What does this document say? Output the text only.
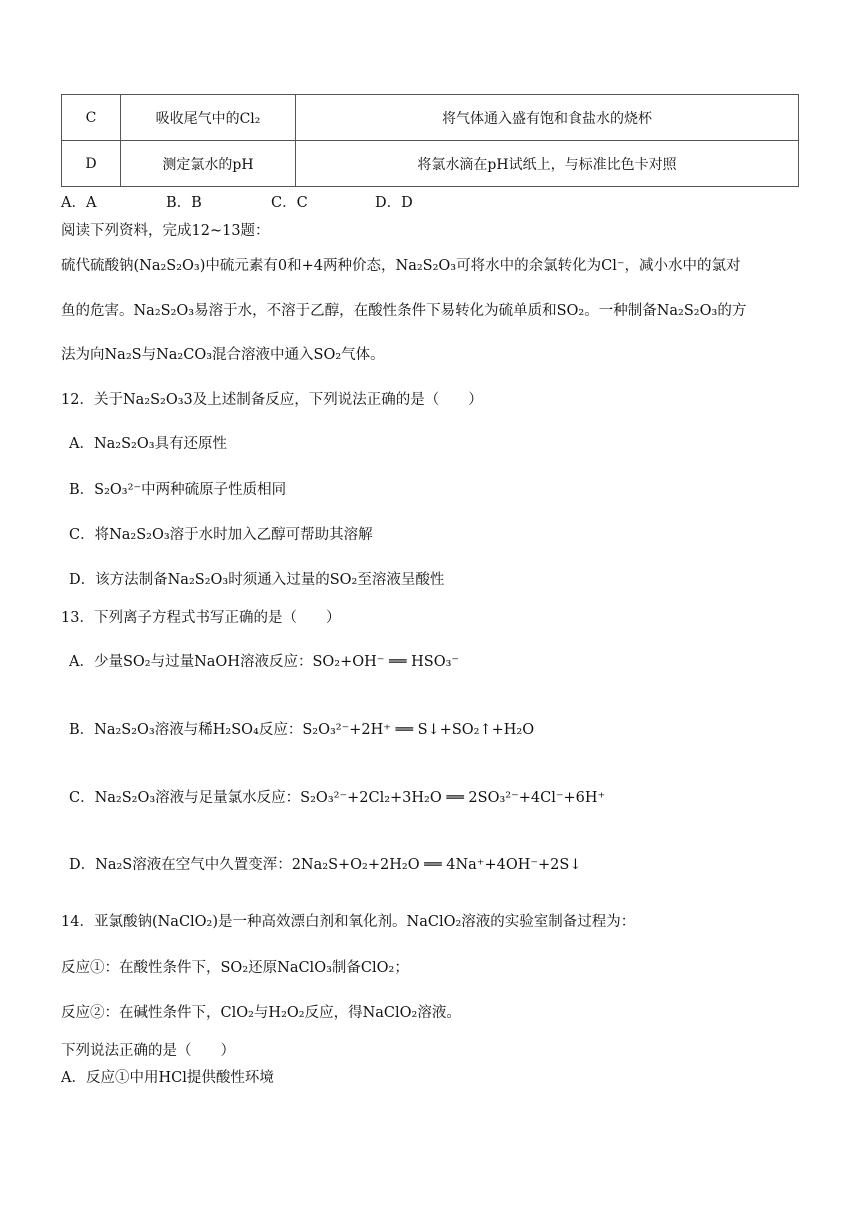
C	吸收尾气中的Cl₂	将气体通入盛有饱和食盐水的烧杯
D	测定氯水的pH	将氯水滴在pH试纸上，与标准比色卡对照
A．A	B．B	C．C	D．D
阅读下列资料，完成12~13题：
硫代硫酸钠(Na₂S₂O₃)中硫元素有0和+4两种价态，Na₂S₂O₃可将水中的余氯转化为Cl⁻，减小水中的氯对
鱼的危害。Na₂S₂O₃易溶于水，不溶于乙醇，在酸性条件下易转化为硫单质和SO₂。一种制备Na₂S₂O₃的方
法为向Na₂S与Na₂CO₃混合溶液中通入SO₂气体。
12．关于Na₂S₂O₃3及上述制备反应，下列说法正确的是（　　）
A．Na₂S₂O₃具有还原性
B．S₂O₃²⁻中两种硫原子性质相同
C．将Na₂S₂O₃溶于水时加入乙醇可帮助其溶解
D．该方法制备Na₂S₂O₃时须通入过量的SO₂至溶液呈酸性
13．下列离子方程式书写正确的是（　　）
A．少量SO₂与过量NaOH溶液反应：SO₂+OH⁻ ══ HSO₃⁻
B．Na₂S₂O₃溶液与稀H₂SO₄反应：S₂O₃²⁻+2H⁺ ══ S↓+SO₂↑+H₂O
C．Na₂S₂O₃溶液与足量氯水反应：S₂O₃²⁻+2Cl₂+3H₂O ══ 2SO₃²⁻+4Cl⁻+6H⁺
D．Na₂S溶液在空气中久置变浑：2Na₂S+O₂+2H₂O ══ 4Na⁺+4OH⁻+2S↓
14．亚氯酸钠(NaClO₂)是一种高效漂白剂和氧化剂。NaClO₂溶液的实验室制备过程为：
反应①：在酸性条件下，SO₂还原NaClO₃制备ClO₂；
反应②：在碱性条件下，ClO₂与H₂O₂反应，得NaClO₂溶液。
下列说法正确的是（　　）
A．反应①中用HCl提供酸性环境
